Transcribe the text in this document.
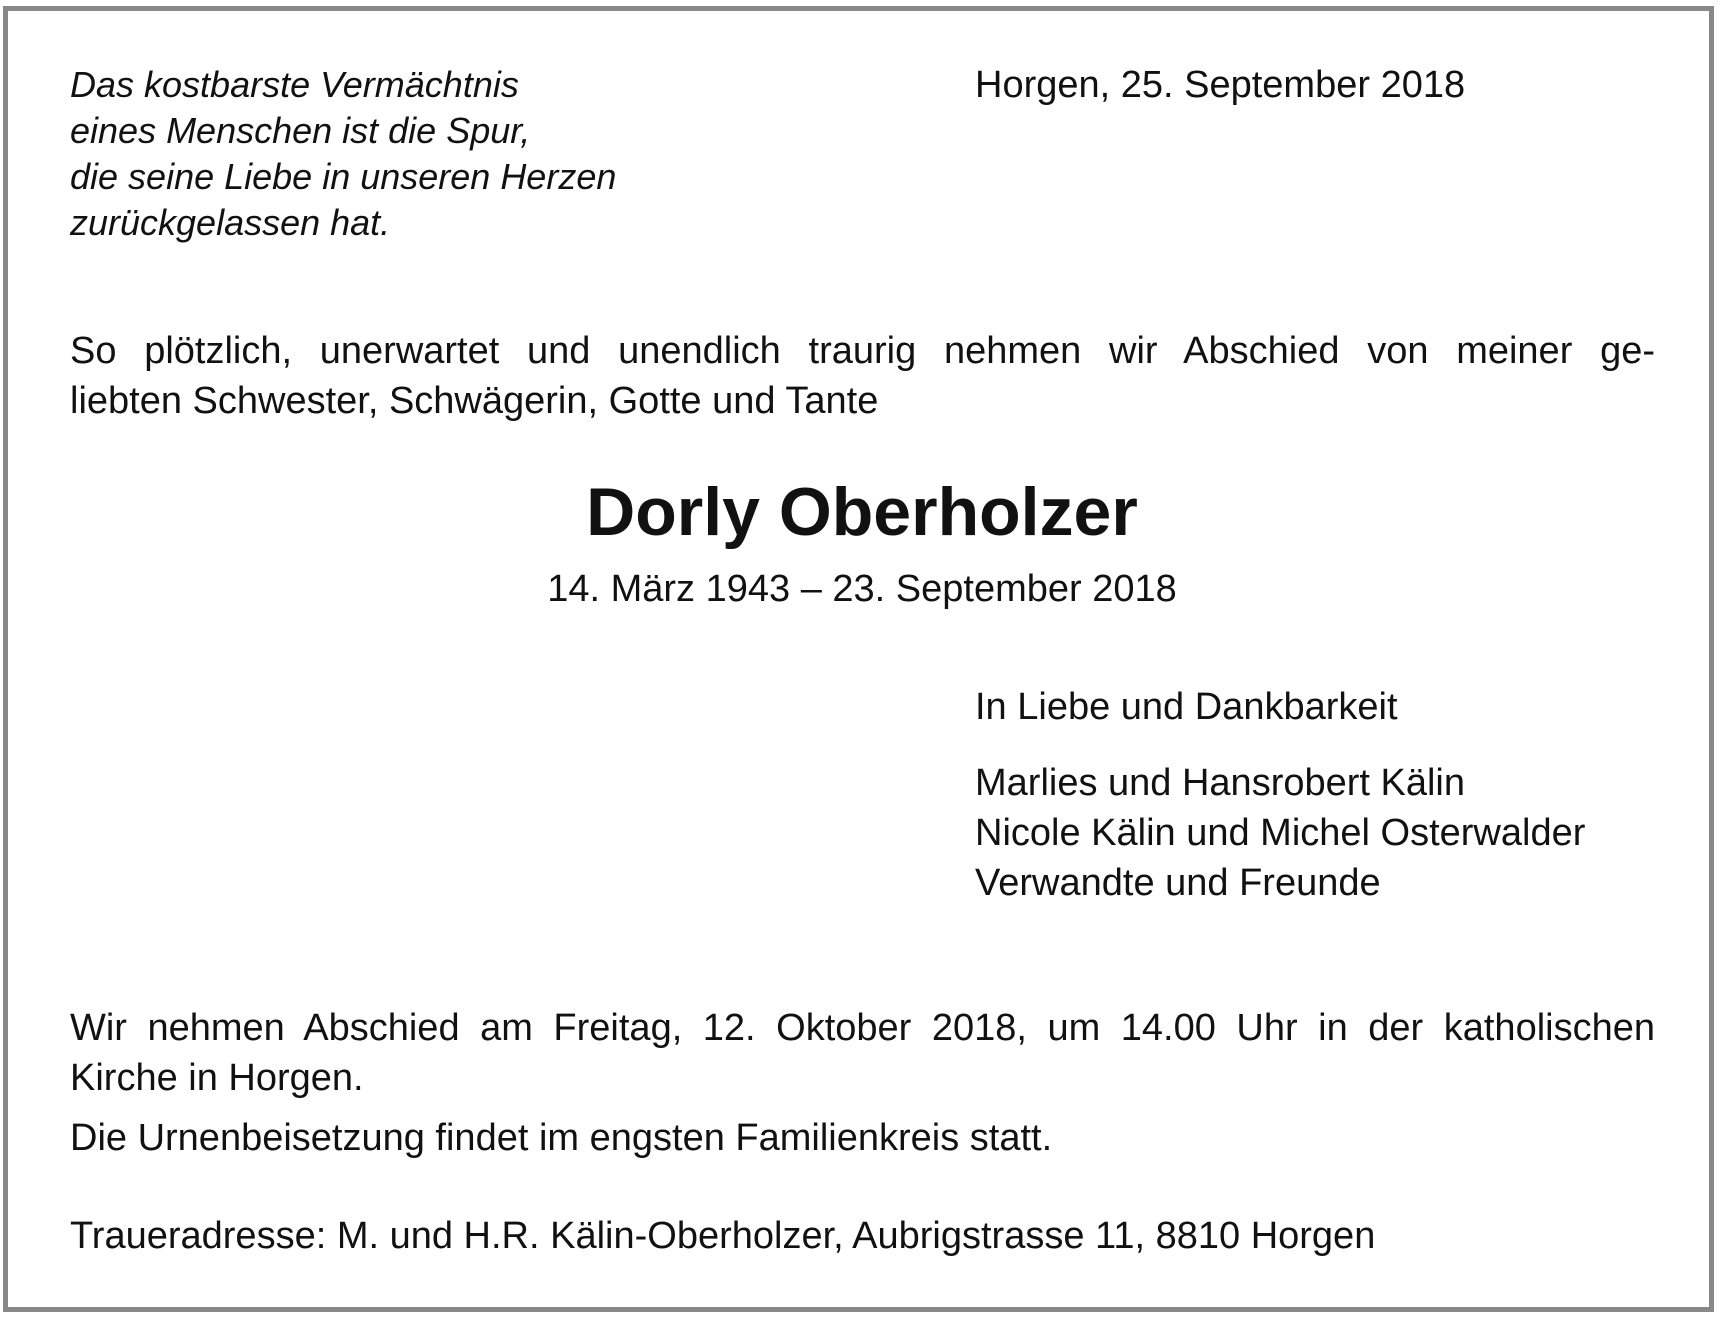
Das kostbarste Vermächtnis
eines Menschen ist die Spur,
die seine Liebe in unseren Herzen
zurückgelassen hat.

Horgen, 25. September 2018

So plötzlich, unerwartet und unendlich traurig nehmen wir Abschied von meiner ge-
liebten Schwester, Schwägerin, Gotte und Tante
Dorly Oberholzer

14. März 1943 – 23. September 2018

In Liebe und Dankbarkeit

Marlies und Hansrobert Kälin
Nicole Kälin und Michel Osterwalder
Verwandte und Freunde
Wir nehmen Abschied am Freitag, 12. Oktober 2018, um 14.00 Uhr in der katholischen
Kirche in Horgen.

Die Urnenbeisetzung findet im engsten Familienkreis statt.

Traueradresse: M. und H.R. Kälin-Oberholzer, Aubrigstrasse 11, 8810 Horgen
